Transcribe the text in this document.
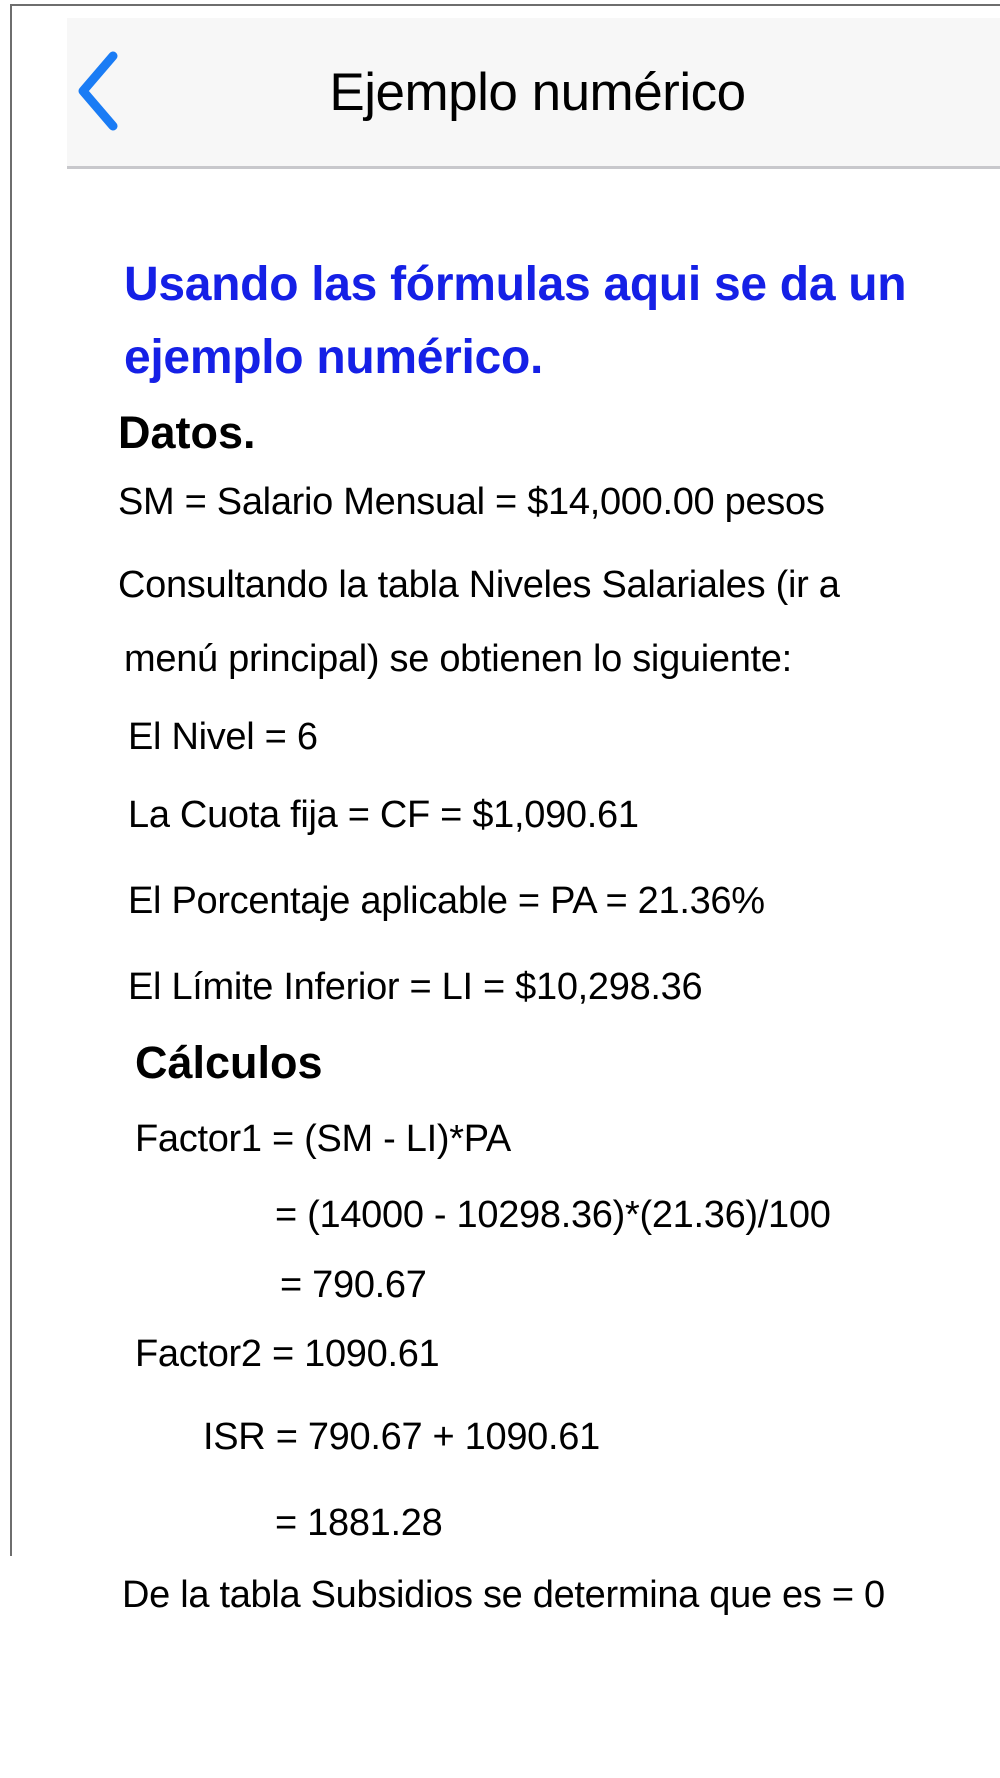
Ejemplo numérico
Usando las fórmulas aqui se da un ejemplo numérico.
Datos.
SM = Salario Mensual = $14,000.00 pesos
Consultando la tabla Niveles Salariales (ir a
menú principal) se obtienen lo siguiente:
El Nivel = 6
La Cuota fija = CF = $1,090.61
El Porcentaje aplicable = PA = 21.36%
El Límite Inferior = LI = $10,298.36
Cálculos
Factor1 = (SM - LI)*PA
= (14000 - 10298.36)*(21.36)/100
= 790.67
Factor2 = 1090.61
ISR = 790.67 + 1090.61
= 1881.28
De la tabla Subsidios se determina que es = 0
